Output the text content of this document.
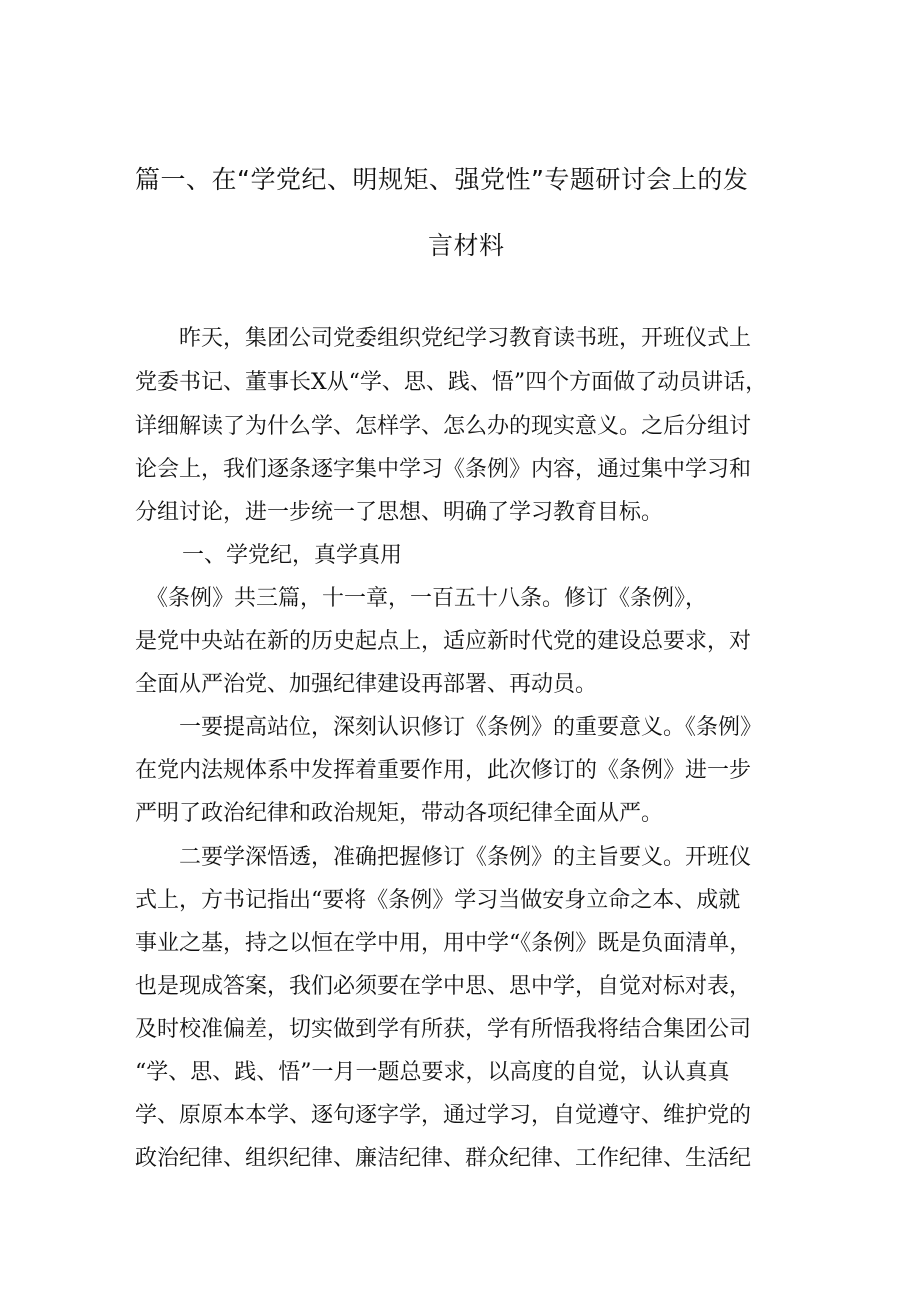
篇一、在“学党纪、明规矩、强党性”专题研讨会上的发
言材料
　　昨天，集团公司党委组织党纪学习教育读书班，开班仪式上
党委书记、董事长X从“学、思、践、悟”四个方面做了动员讲话，
详细解读了为什么学、怎样学、怎么办的现实意义。之后分组讨
论会上，我们逐条逐字集中学习《条例》内容，通过集中学习和
分组讨论，进一步统一了思想、明确了学习教育目标。
一、学党纪，真学真用
　《条例》共三篇，十一章，一百五十八条。修订《条例》，
是党中央站在新的历史起点上，适应新时代党的建设总要求，对
全面从严治党、加强纪律建设再部署、再动员。
　　一要提高站位，深刻认识修订《条例》的重要意义。《条例》
在党内法规体系中发挥着重要作用，此次修订的《条例》进一步
严明了政治纪律和政治规矩，带动各项纪律全面从严。
　　二要学深悟透，准确把握修订《条例》的主旨要义。开班仪
式上，方书记指出“要将《条例》学习当做安身立命之本、成就
事业之基，持之以恒在学中用，用中学“《条例》既是负面清单，
也是现成答案，我们必须要在学中思、思中学，自觉对标对表，
及时校准偏差，切实做到学有所获，学有所悟我将结合集团公司
“学、思、践、悟”一月一题总要求，以高度的自觉，认认真真
学、原原本本学、逐句逐字学，通过学习，自觉遵守、维护党的
政治纪律、组织纪律、廉洁纪律、群众纪律、工作纪律、生活纪
